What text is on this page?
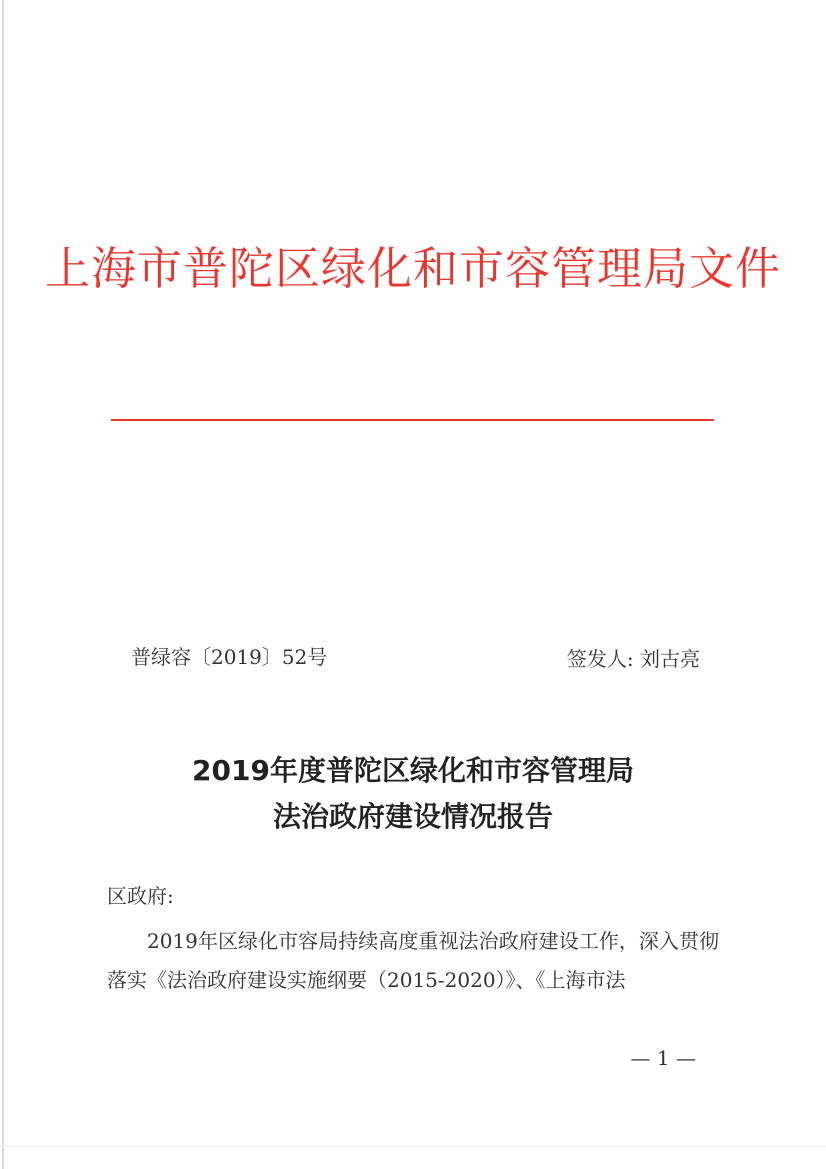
上海市普陀区绿化和市容管理局文件
普绿容〔2019〕52号	签发人: 刘古亮
2019年度普陀区绿化和市容管理局
法治政府建设情况报告
区政府:
2019年区绿化市容局持续高度重视法治政府建设工作，深入贯彻落实《法治政府建设实施纲要（2015-2020）》、《上海市法
— 1 —
